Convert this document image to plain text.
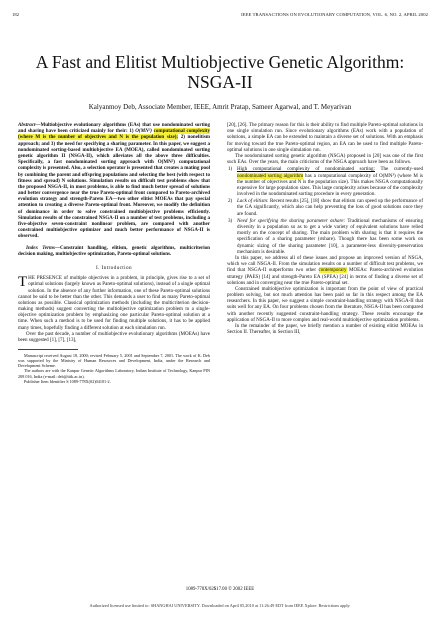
182	IEEE TRANSACTIONS ON EVOLUTIONARY COMPUTATION, VOL. 6, NO. 2, APRIL 2002
A Fast and Elitist Multiobjective Genetic Algorithm: NSGA-II
Kalyanmoy Deb, Associate Member, IEEE, Amrit Pratap, Sameer Agarwal, and T. Meyarivan

Abstract—Multiobjective evolutionary algorithms (EAs) that use nondominated sorting and sharing have been criticized mainly for their: 1) O(MN³) computational complexity (where M is the number of objectives and N is the population size); 2) nonelitism approach; and 3) the need for specifying a sharing parameter. In this paper, we suggest a nondominated sorting-based multiobjective EA (MOEA), called nondominated sorting genetic algorithm II (NSGA-II), which alleviates all the above three difficulties. Specifically, a fast nondominated sorting approach with O(MN²) computational complexity is presented. Also, a selection operator is presented that creates a mating pool by combining the parent and offspring populations and selecting the best (with respect to fitness and spread) N solutions. Simulation results on difficult test problems show that the proposed NSGA-II, in most problems, is able to find much better spread of solutions and better convergence near the true Pareto-optimal front compared to Pareto-archived evolution strategy and strength-Pareto EA—two other elitist MOEAs that pay special attention to creating a diverse Pareto-optimal front. Moreover, we modify the definition of dominance in order to solve constrained multiobjective problems efficiently. Simulation results of the constrained NSGA-II on a number of test problems, including a five-objective seven-constraint nonlinear problem, are compared with another constrained multiobjective optimizer and much better performance of NSGA-II is observed.

Index Terms—Constraint handling, elitism, genetic algorithms, multicriterion decision making, multiobjective optimization, Pareto-optimal solutions.

I. Introduction

THE PRESENCE of multiple objectives in a problem, in principle, gives rise to a set of optimal solutions (largely known as Pareto-optimal solutions), instead of a single optimal solution. In the absence of any further information, one of these Pareto-optimal solutions cannot be said to be better than the other. This demands a user to find as many Pareto-optimal solutions as possible. Classical optimization methods (including the multicriterion decision-making methods) suggest converting the multiobjective optimization problem to a single-objective optimization problem by emphasizing one particular Pareto-optimal solution at a time. When such a method is to be used for finding multiple solutions, it has to be applied many times, hopefully finding a different solution at each simulation run.

Over the past decade, a number of multiobjective evolutionary algorithms (MOEAs) have been suggested [1], [7], [13],

Manuscript received August 18, 2000; revised February 5, 2001 and September 7, 2001. The work of K. Deb was supported by the Ministry of Human Resources and Development, India, under the Research and Development Scheme.

The authors are with the Kanpur Genetic Algorithms Laboratory, Indian Institute of Technology, Kanpur PIN 208 016, India (e-mail: deb@iitk.ac.in).

Publisher Item Identifier S 1089-778X(02)04101-2.

[20], [26]. The primary reason for this is their ability to find multiple Pareto-optimal solutions in one single simulation run. Since evolutionary algorithms (EAs) work with a population of solutions, a simple EA can be extended to maintain a diverse set of solutions. With an emphasis for moving toward the true Pareto-optimal region, an EA can be used to find multiple Pareto-optimal solutions in one single simulation run.

The nondominated sorting genetic algorithm (NSGA) proposed in [20] was one of the first such EAs. Over the years, the main criticisms of the NSGA approach have been as follows.

1) High computational complexity of nondominated sorting: The currently-used nondominated sorting algorithm has a computational complexity of O(MN³) (where M is the number of objectives and N is the population size). This makes NSGA computationally expensive for large population sizes. This large complexity arises because of the complexity involved in the nondominated sorting procedure in every generation.
2) Lack of elitism: Recent results [25], [18] show that elitism can speed up the performance of the GA significantly, which also can help preventing the loss of good solutions once they are found.
3) Need for specifying the sharing parameter σshare: Traditional mechanisms of ensuring diversity in a population so as to get a wide variety of equivalent solutions have relied mostly on the concept of sharing. The main problem with sharing is that it requires the specification of a sharing parameter (σshare). Though there has been some work on dynamic sizing of the sharing parameter [10], a parameter-less diversity-preservation mechanism is desirable.

In this paper, we address all of these issues and propose an improved version of NSGA, which we call NSGA-II. From the simulation results on a number of difficult test problems, we find that NSGA-II outperforms two other contemporary MOEAs: Pareto-archived evolution strategy (PAES) [14] and strength-Pareto EA (SPEA) [24] in terms of finding a diverse set of solutions and in converging near the true Pareto-optimal set.

Constrained multiobjective optimization is important from the point of view of practical problem solving, but not much attention has been paid so far in this respect among the EA researchers. In this paper, we suggest a simple constraint-handling strategy with NSGA-II that suits well for any EA. On four problems chosen from the literature, NSGA-II has been compared with another recently suggested constraint-handling strategy. These results encourage the application of NSGA-II to more complex and real-world multiobjective optimization problems.

In the remainder of the paper, we briefly mention a number of existing elitist MOEAs in Section II. Thereafter, in Section III,

1089-778X/02$17.00 © 2002 IEEE
Authorized licensed use limited to: SHANGHAI UNIVERSITY. Downloaded on April 05,2010 at 11:26:49 EDT from IEEE Xplore. Restrictions apply.
